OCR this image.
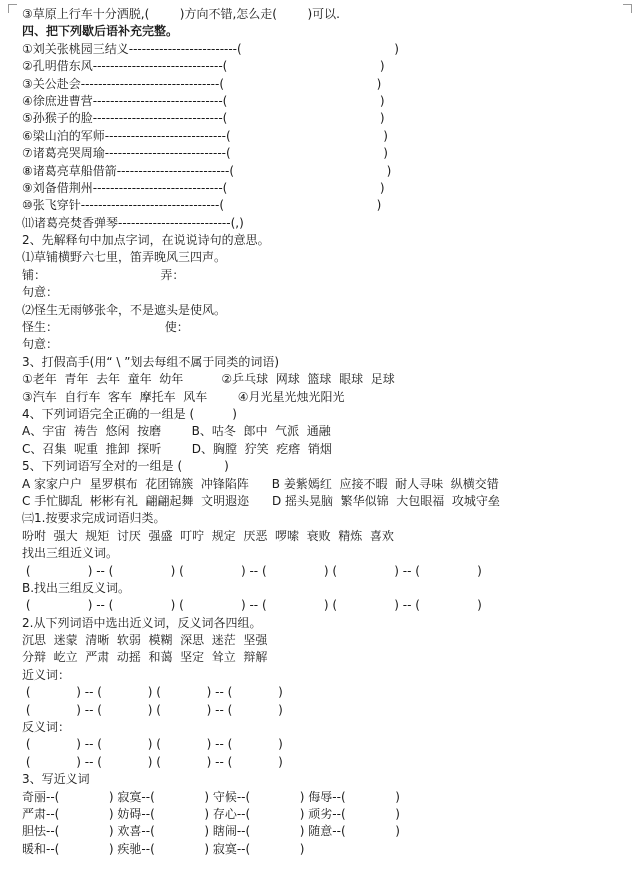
③草原上行车十分洒脱,(        )方向不错,怎么走(        )可以.
四、把下列歇后语补充完整。
①刘关张桃园三结义-------------------------(                                        )
②孔明借东风------------------------------(                                        )
③关公赴会--------------------------------(                                        )
④徐庶进曹营------------------------------(                                        )
⑤孙猴子的脸------------------------------(                                        )
⑥梁山泊的军师----------------------------(                                        )
⑦诸葛亮哭周瑜----------------------------(                                        )
⑧诸葛亮草船借箭--------------------------(                                        )
⑨刘备借荆州------------------------------(                                        )
⑩张飞穿针--------------------------------(                                        )
⑾诸葛亮焚香弹琴--------------------------(,)
2、先解释句中加点字词，在说说诗句的意思。
⑴草铺横野六七里，笛弄晚风三四声。
铺：                              弄：
句意：
⑵怪生无雨够张伞，不是遮头是使风。
怪生：                            使：
句意：
3、打假高手(用“ \ ”划去每组不属于同类的词语)
①老年  青年  去年  童年  幼年          ②乒乓球  网球  篮球  眼球  足球
③汽车  自行车  客车  摩托车  风车        ④月光星光烛光阳光
4、下列词语完全正确的一组是 (          )
A、宇宙  祷告  悠闲  按磨        B、咕冬  郎中  气派  通融
C、召集  呢重  推卸  探听        D、胸膛  狞笑  疙瘩  销烟
5、下列词语写全对的一组是 (           )
A 家家户户  星罗棋布  花团锦簇  冲锋陷阵      B 姜紫嫣红  应接不暇  耐人寻味  纵横交错
C 手忙脚乱  彬彬有礼  翩翩起舞  文明遐迩      D 摇头晃脑  繁华似锦  大包眼福  攻城守垒
㈢1.按要求完成词语归类。
吩咐  强大  规矩  讨厌  强盛  叮咛  规定  厌恶  啰嗦  衰败  精炼  喜欢
找出三组近义词。
(               ) -- (               ) (               ) -- (               ) (               ) -- (               )
B.找出三组反义词。
(               ) -- (               ) (               ) -- (               ) (               ) -- (               )
2.从下列词语中选出近义词，反义词各四组。
沉思  迷蒙  清晰  软弱  模糊  深思  迷茫  坚强
分辩  屹立  严肃  动摇  和蔼  坚定  耸立  辩解
近义词：
(            ) -- (            ) (            ) -- (            )
(            ) -- (            ) (            ) -- (            )
反义词：
(            ) -- (            ) (            ) -- (            )
(            ) -- (            ) (            ) -- (            )
3、写近义词
奇丽--(             ) 寂寞--(             ) 守候--(             ) 侮辱--(             )
严肃--(             ) 妨碍--(             ) 存心--(             ) 顽劣--(             )
胆怯--(             ) 欢喜--(             ) 瞎闹--(             ) 随意--(             )
暖和--(             ) 疾驰--(             ) 寂寞--(             )
